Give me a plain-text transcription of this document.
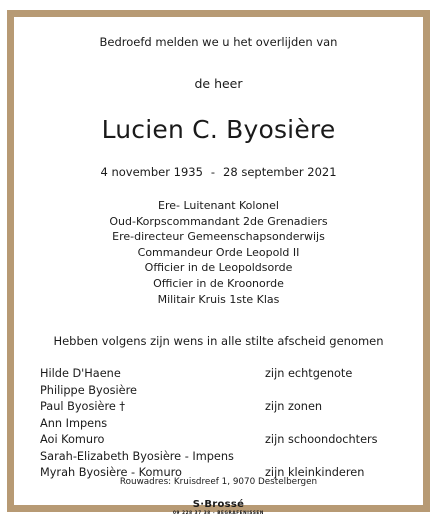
Bedroefd melden we u het overlijden van
de heer
Lucien C. Byosière
4 november 1935 - 28 september 2021
Ere- Luitenant Kolonel
Oud-Korpscommandant 2de Grenadiers
Ere-directeur Gemeenschapsonderwijs
Commandeur Orde Leopold II
Officier in de Leopoldsorde
Officier in de Kroonorde
Militair Kruis 1ste Klas
Hebben volgens zijn wens in alle stilte afscheid genomen
Hilde D'Haene	zijn echtgenote
Philippe Byosière
Paul Byosière †	zijn zonen
Ann Impens
Aoi Komuro	zijn schoondochters
Sarah-Elizabeth Byosière - Impens
Myrah Byosière - Komuro	zijn kleinkinderen
Rouwadres: Kruisdreef 1, 9070 Destelbergen
S·Brossé
09 228 37 38 - BEGRAFENISSEN
